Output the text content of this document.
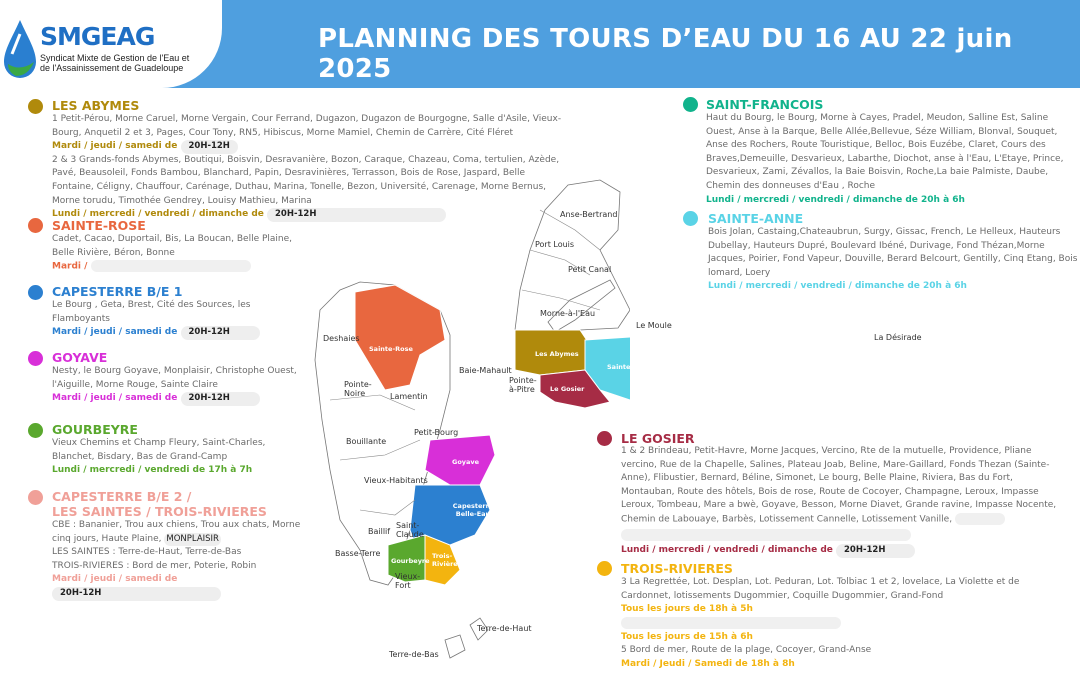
SMGEAG
Syndicat Mixte de Gestion de l'Eau et de l'Assainissement de Guadeloupe
PLANNING DES TOURS D’EAU DU 16 AU 22 juin 2025
LES ABYMES
1 Petit-Pérou, Morne Caruel, Morne Vergain, Cour Ferrand, Dugazon, Dugazon de Bourgogne, Salle d'Asile, Vieux-Bourg, Anquetil 2 et 3, Pages, Cour Tony, RN5, Hibiscus, Morne Mamiel, Chemin de Carrère, Cité Fléret
Mardi / jeudi / samedi de 20H-12H
2 & 3 Grands-fonds Abymes, Boutiqui, Boisvin, Desravanière, Bozon, Caraque, Chazeau, Coma, tertulien, Azède, Pavé, Beausoleil, Fonds Bambou, Blanchard, Papin, Desravinières, Terrasson, Bois de Rose, Jaspard, Belle Fontaine, Céligny, Chauffour, Carénage, Duthau, Marina, Tonelle, Bezon, Université, Carenage, Morne Bernus, Morne torudu, Timothée Gendrey, Louisy Mathieu, Marina
Lundi / mercredi / vendredi / dimanche de 20H-12H
SAINTE-ROSE
Cadet, Cacao, Duportail, Bis, La Boucan, Belle Plaine, Belle Rivière, Béron, Bonne
Mardi /
CAPESTERRE B/E 1
Le Bourg , Geta, Brest, Cité des Sources, les Flamboyants
Mardi / jeudi / samedi de 20H-12H
GOYAVE
Nesty, le Bourg Goyave, Monplaisir, Christophe Ouest, l'Aiguille, Morne Rouge, Sainte Claire
Mardi / jeudi / samedi de 20H-12H
GOURBEYRE
Vieux Chemins et Champ Fleury, Saint-Charles, Blanchet, Bisdary, Bas de Grand-Camp
Lundi / mercredi / vendredi de 17h à 7h
CAPESTERRE B/E 2 /
LES SAINTES / TROIS-RIVIERES
CBE : Bananier, Trou aux chiens, Trou aux chats, Morne cinq jours, Haute Plaine, MONPLAISIR
LES SAINTES : Terre-de-Haut, Terre-de-Bas
TROIS-RIVIERES : Bord de mer, Poterie, Robin
Mardi / jeudi / samedi de 20H-12H
SAINT-FRANCOIS
Haut du Bourg, le Bourg, Morne à Cayes, Pradel, Meudon, Salline Est, Saline Ouest, Anse à la Barque, Belle Allée,Bellevue, Séze William, Blonval, Souquet, Anse des Rochers, Route Touristique, Belloc, Bois Euzébe, Claret, Cours des Braves,Demeuille, Desvarieux, Labarthe, Diochot, anse à l'Eau, L'Etaye, Prince, Desvarieux, Zami, Zévallos, la Baie Boisvin, Roche,La baie Palmiste, Daube, Chemin des donneuses d'Eau , Roche
Lundi / mercredi / vendredi / dimanche de 20h à 6h
SAINTE-ANNE
Bois Jolan, Castaing,Chateaubrun, Surgy, Gissac, French, Le Helleux, Hauteurs Dubellay, Hauteurs Dupré, Boulevard Ibéné, Durivage, Fond Thézan,Morne Jacques, Poirier, Fond Vapeur, Douville, Berard Belcourt, Gentilly, Cinq Etang, Bois lomard, Loery
Lundi / mercredi / vendredi / dimanche de 20h à 6h
LE GOSIER
1 & 2 Brindeau, Petit-Havre, Morne Jacques, Vercino, Rte de la mutuelle, Providence, Pliane vercino, Rue de la Chapelle, Salines, Plateau Joab, Beline, Mare-Gaillard, Fonds Thezan (Sainte-Anne), Flibustier, Bernard, Béline, Simonet, Le bourg, Belle Plaine, Riviera, Bas du Fort, Montauban, Route des hôtels, Bois de rose, Route de Cocoyer, Champagne, Leroux, Impasse Leroux, Tombeau, Mare a bwè, Goyave, Besson, Morne Diavet, Grande ravine, Impasse Nocente, Chemin de Labouaye, Barbès, Lotissement Cannelle, Lotissement Vanille,

Lundi / mercredi / vendredi / dimanche de 20H-12H
TROIS-RIVIERES
3 La Regrettée, Lot. Desplan, Lot. Peduran, Lot. Tolbiac 1 et 2, lovelace, La Violette et de Cardonnet, lotissements Dugommier, Coquille Dugommier, Grand-Fond
Tous les jours de 18h à 5h
Tous les jours de 15h à 6h
5 Bord de mer, Route de la plage, Cocoyer, Grand-Anse
Mardi / Jeudi / Samedi de 18h à 8h
Anse-Bertrand
Port Louis
Petit Canal
Morne-à-l'Eau
Le Moule
La Désirade
Deshaies
Pointe-Noire
Baie-Mahault
Pointe-à-Pitre
Lamentin
Petit-Bourg
Bouillante
Vieux-Habitants
Baillif
Saint-Claude
Basse-Terre
Vieux-Fort
Terre-de-Haut
Terre-de-Bas
Sainte-Rose
Les Abymes
Sainte-Anne
Saint-François
Le Gosier
Goyave
Capesterre Belle-Eau
Trois-Rivières
Gourbeyre
